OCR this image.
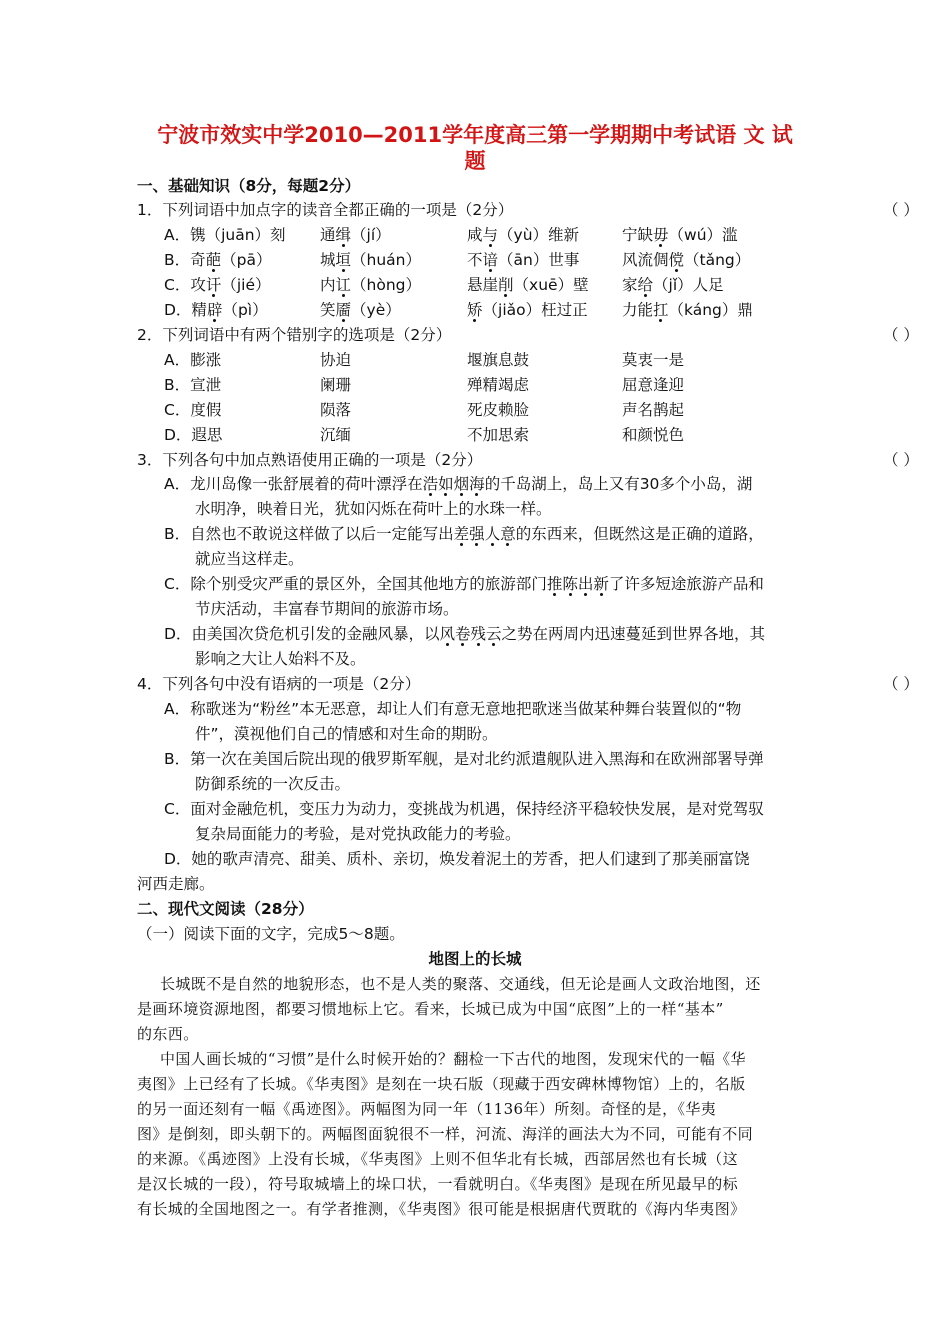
宁波市效实中学2010—2011学年度高三第一学期期中考试语 文 试
题
一、基础知识（8分，每题2分）
1．下列词语中加点字的读音全都正确的一项是（2分）	（ ）
A．镌（juān）刻 通缉（jí）	咸与（yù）维新	宁缺毋（wú）滥
B．奇葩（pā）	城垣（huán）	不谙（ān）世事	风流倜傥（tǎng）
C．攻讦（jié）	内讧（hòng）	悬崖削（xuē）壁 家给（jǐ）人足
D．精辟（pì）	笑靥（yè）	矫（jiǎo）枉过正 力能扛（káng）鼎
2．下列词语中有两个错别字的选项是（2分）	（ ）
A．膨涨	协迫	堰旗息鼓	莫衷一是
B．宣泄	阑珊	殚精竭虑	屈意逢迎
C．度假	陨落	死皮赖脸	声名鹊起
D．遐思	沉缅	不加思索	和颜悦色
3．下列各句中加点熟语使用正确的一项是（2分）	（ ）
A．龙川岛像一张舒展着的荷叶漂浮在浩如烟海的千岛湖上，岛上又有30多个小岛，湖
水明净，映着日光，犹如闪烁在荷叶上的水珠一样。
B．自然也不敢说这样做了以后一定能写出差强人意的东西来，但既然这是正确的道路，
就应当这样走。
C．除个别受灾严重的景区外，全国其他地方的旅游部门推陈出新了许多短途旅游产品和
节庆活动，丰富春节期间的旅游市场。
D．由美国次贷危机引发的金融风暴，以风卷残云之势在两周内迅速蔓延到世界各地，其
影响之大让人始料不及。
4．下列各句中没有语病的一项是（2分）	（ ）
A．称歌迷为“粉丝”本无恶意，却让人们有意无意地把歌迷当做某种舞台装置似的“物
件”，漠视他们自己的情感和对生命的期盼。
B．第一次在美国后院出现的俄罗斯军舰，是对北约派遣舰队进入黑海和在欧洲部署导弹
防御系统的一次反击。
C．面对金融危机，变压力为动力，变挑战为机遇，保持经济平稳较快发展，是对党驾驭
复杂局面能力的考验，是对党执政能力的考验。
D．她的歌声清亮、甜美、质朴、亲切，焕发着泥土的芳香，把人们逮到了那美丽富饶
河西走廊。
二、现代文阅读（28分）
（一）阅读下面的文字，完成5～8题。
地图上的长城
长城既不是自然的地貌形态，也不是人类的聚落、交通线，但无论是画人文政治地图，还
是画环境资源地图，都要习惯地标上它。看来，长城已成为中国“底图”上的一样“基本”
的东西。
中国人画长城的“习惯”是什么时候开始的？翻检一下古代的地图，发现宋代的一幅《华
夷图》上已经有了长城。《华夷图》是刻在一块石版（现藏于西安碑林博物馆）上的，名版
的另一面还刻有一幅《禹迹图》。两幅图为同一年（1136年）所刻。奇怪的是，《华夷
图》是倒刻，即头朝下的。两幅图面貌很不一样，河流、海洋的画法大为不同，可能有不同
的来源。《禹迹图》上没有长城，《华夷图》上则不但华北有长城，西部居然也有长城（这
是汉长城的一段），符号取城墙上的垛口状，一看就明白。《华夷图》是现在所见最早的标
有长城的全国地图之一。有学者推测，《华夷图》很可能是根据唐代贾耽的《海内华夷图》
